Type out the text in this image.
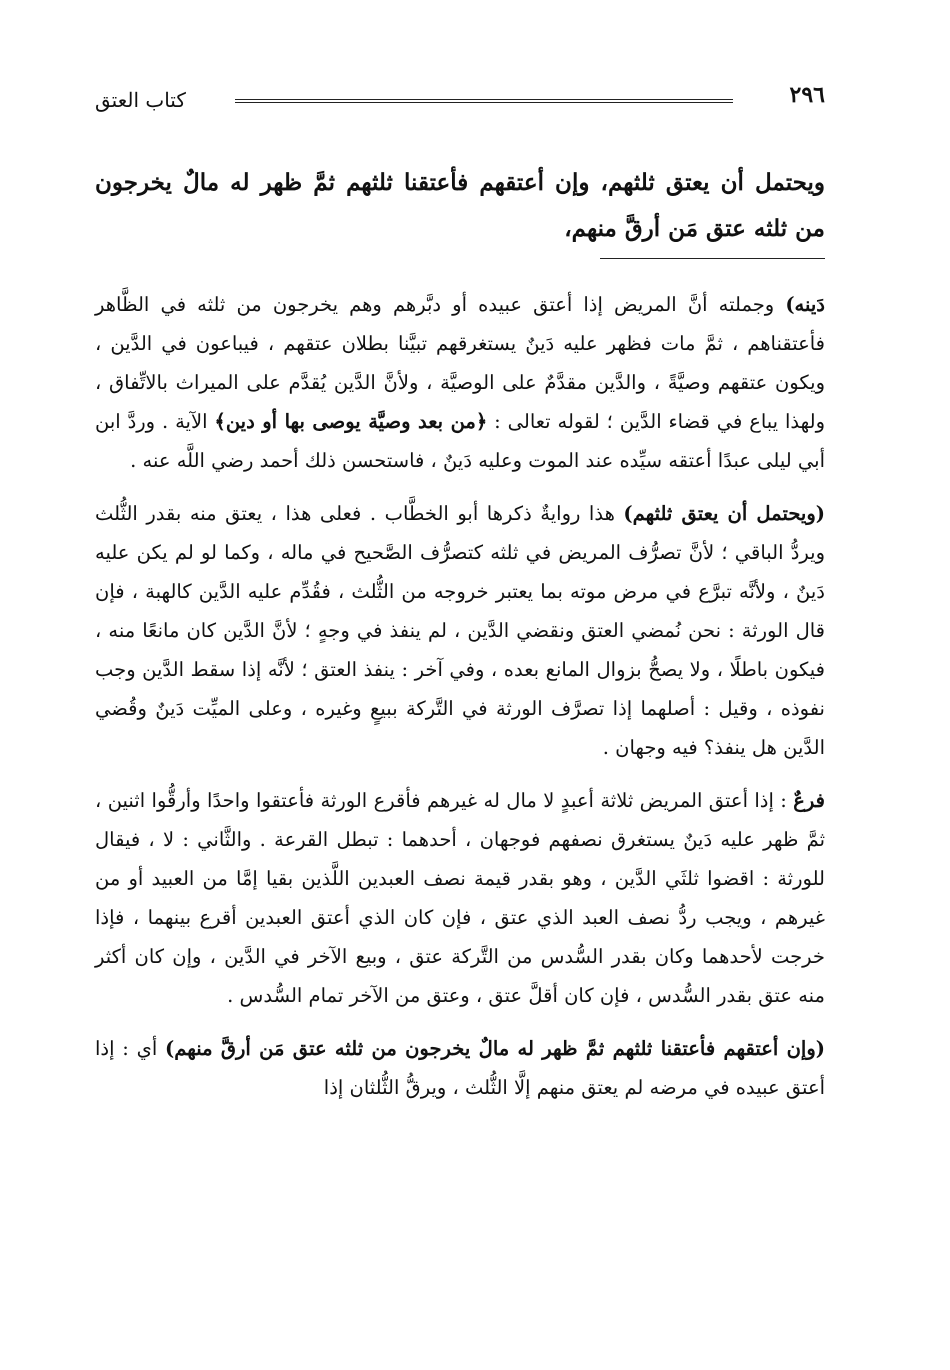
٢٩٦
كتاب العتق
ويحتمل أن يعتق ثلثهم، وإن أعتقهم فأعتقنا ثلثهم ثمَّ ظهر له مالٌ يخرجون من ثلثه عتق مَن أرقَّ منهم،

دَينه) وجملته أنَّ المريض إذا أعتق عبيده أو دبَّرهم وهم يخرجون من ثلثه في الظَّاهر فأعتقناهم ، ثمَّ مات فظهر عليه دَينٌ يستغرقهم تبيَّنا بطلان عتقهم ، فيباعون في الدَّين ، ويكون عتقهم وصيَّةً ، والدَّين مقدَّمٌ على الوصيَّة ، ولأنَّ الدَّين يُقدَّم على الميراث بالاتِّفاق ، ولهذا يباع في قضاء الدَّين ؛ لقوله تعالى : ﴿من بعد وصيَّة يوصى بها أو دين﴾ الآية . وردَّ ابن أبي ليلى عبدًا أعتقه سيِّده عند الموت وعليه دَينٌ ، فاستحسن ذلك أحمد رضي اللَّه عنه .

(ويحتمل أن يعتق ثلثهم) هذا روايةٌ ذكرها أبو الخطَّاب . فعلى هذا ، يعتق منه بقدر الثُّلث ويردُّ الباقي ؛ لأنَّ تصرُّف المريض في ثلثه كتصرُّف الصَّحيح في ماله ، وكما لو لم يكن عليه دَينٌ ، ولأنَّه تبرَّع في مرض موته بما يعتبر خروجه من الثُّلث ، فقُدِّم عليه الدَّين كالهبة ، فإن قال الورثة : نحن نُمضي العتق ونقضي الدَّين ، لم ينفذ في وجهٍ ؛ لأنَّ الدَّين كان مانعًا منه ، فيكون باطلًا ، ولا يصحُّ بزوال المانع بعده ، وفي آخر : ينفذ العتق ؛ لأنَّه إذا سقط الدَّين وجب نفوذه ، وقيل : أصلهما إذا تصرَّف الورثة في التَّركة ببيعٍ وغيره ، وعلى الميِّت دَينٌ وقُضي الدَّين هل ينفذ؟ فيه وجهان .

فرعٌ : إذا أعتق المريض ثلاثة أعبدٍ لا مال له غيرهم فأقرع الورثة فأعتقوا واحدًا وأرقُّوا اثنين ، ثمَّ ظهر عليه دَينٌ يستغرق نصفهم فوجهان ، أحدهما : تبطل القرعة . والثَّاني : لا ، فيقال للورثة : اقضوا ثلثَي الدَّين ، وهو بقدر قيمة نصف العبدين اللَّذين بقيا إمَّا من العبيد أو من غيرهم ، ويجب ردُّ نصف العبد الذي عتق ، فإن كان الذي أعتق العبدين أقرع بينهما ، فإذا خرجت لأحدهما وكان بقدر السُّدس من التَّركة عتق ، وبيع الآخر في الدَّين ، وإن كان أكثر منه عتق بقدر السُّدس ، فإن كان أقلَّ عتق ، وعتق من الآخر تمام السُّدس .

(وإن أعتقهم فأعتقنا ثلثهم ثمَّ ظهر له مالٌ يخرجون من ثلثه عتق مَن أرقَّ منهم) أي : إذا أعتق عبيده في مرضه لم يعتق منهم إلَّا الثُّلث ، ويرقُّ الثُّلثان إذا
